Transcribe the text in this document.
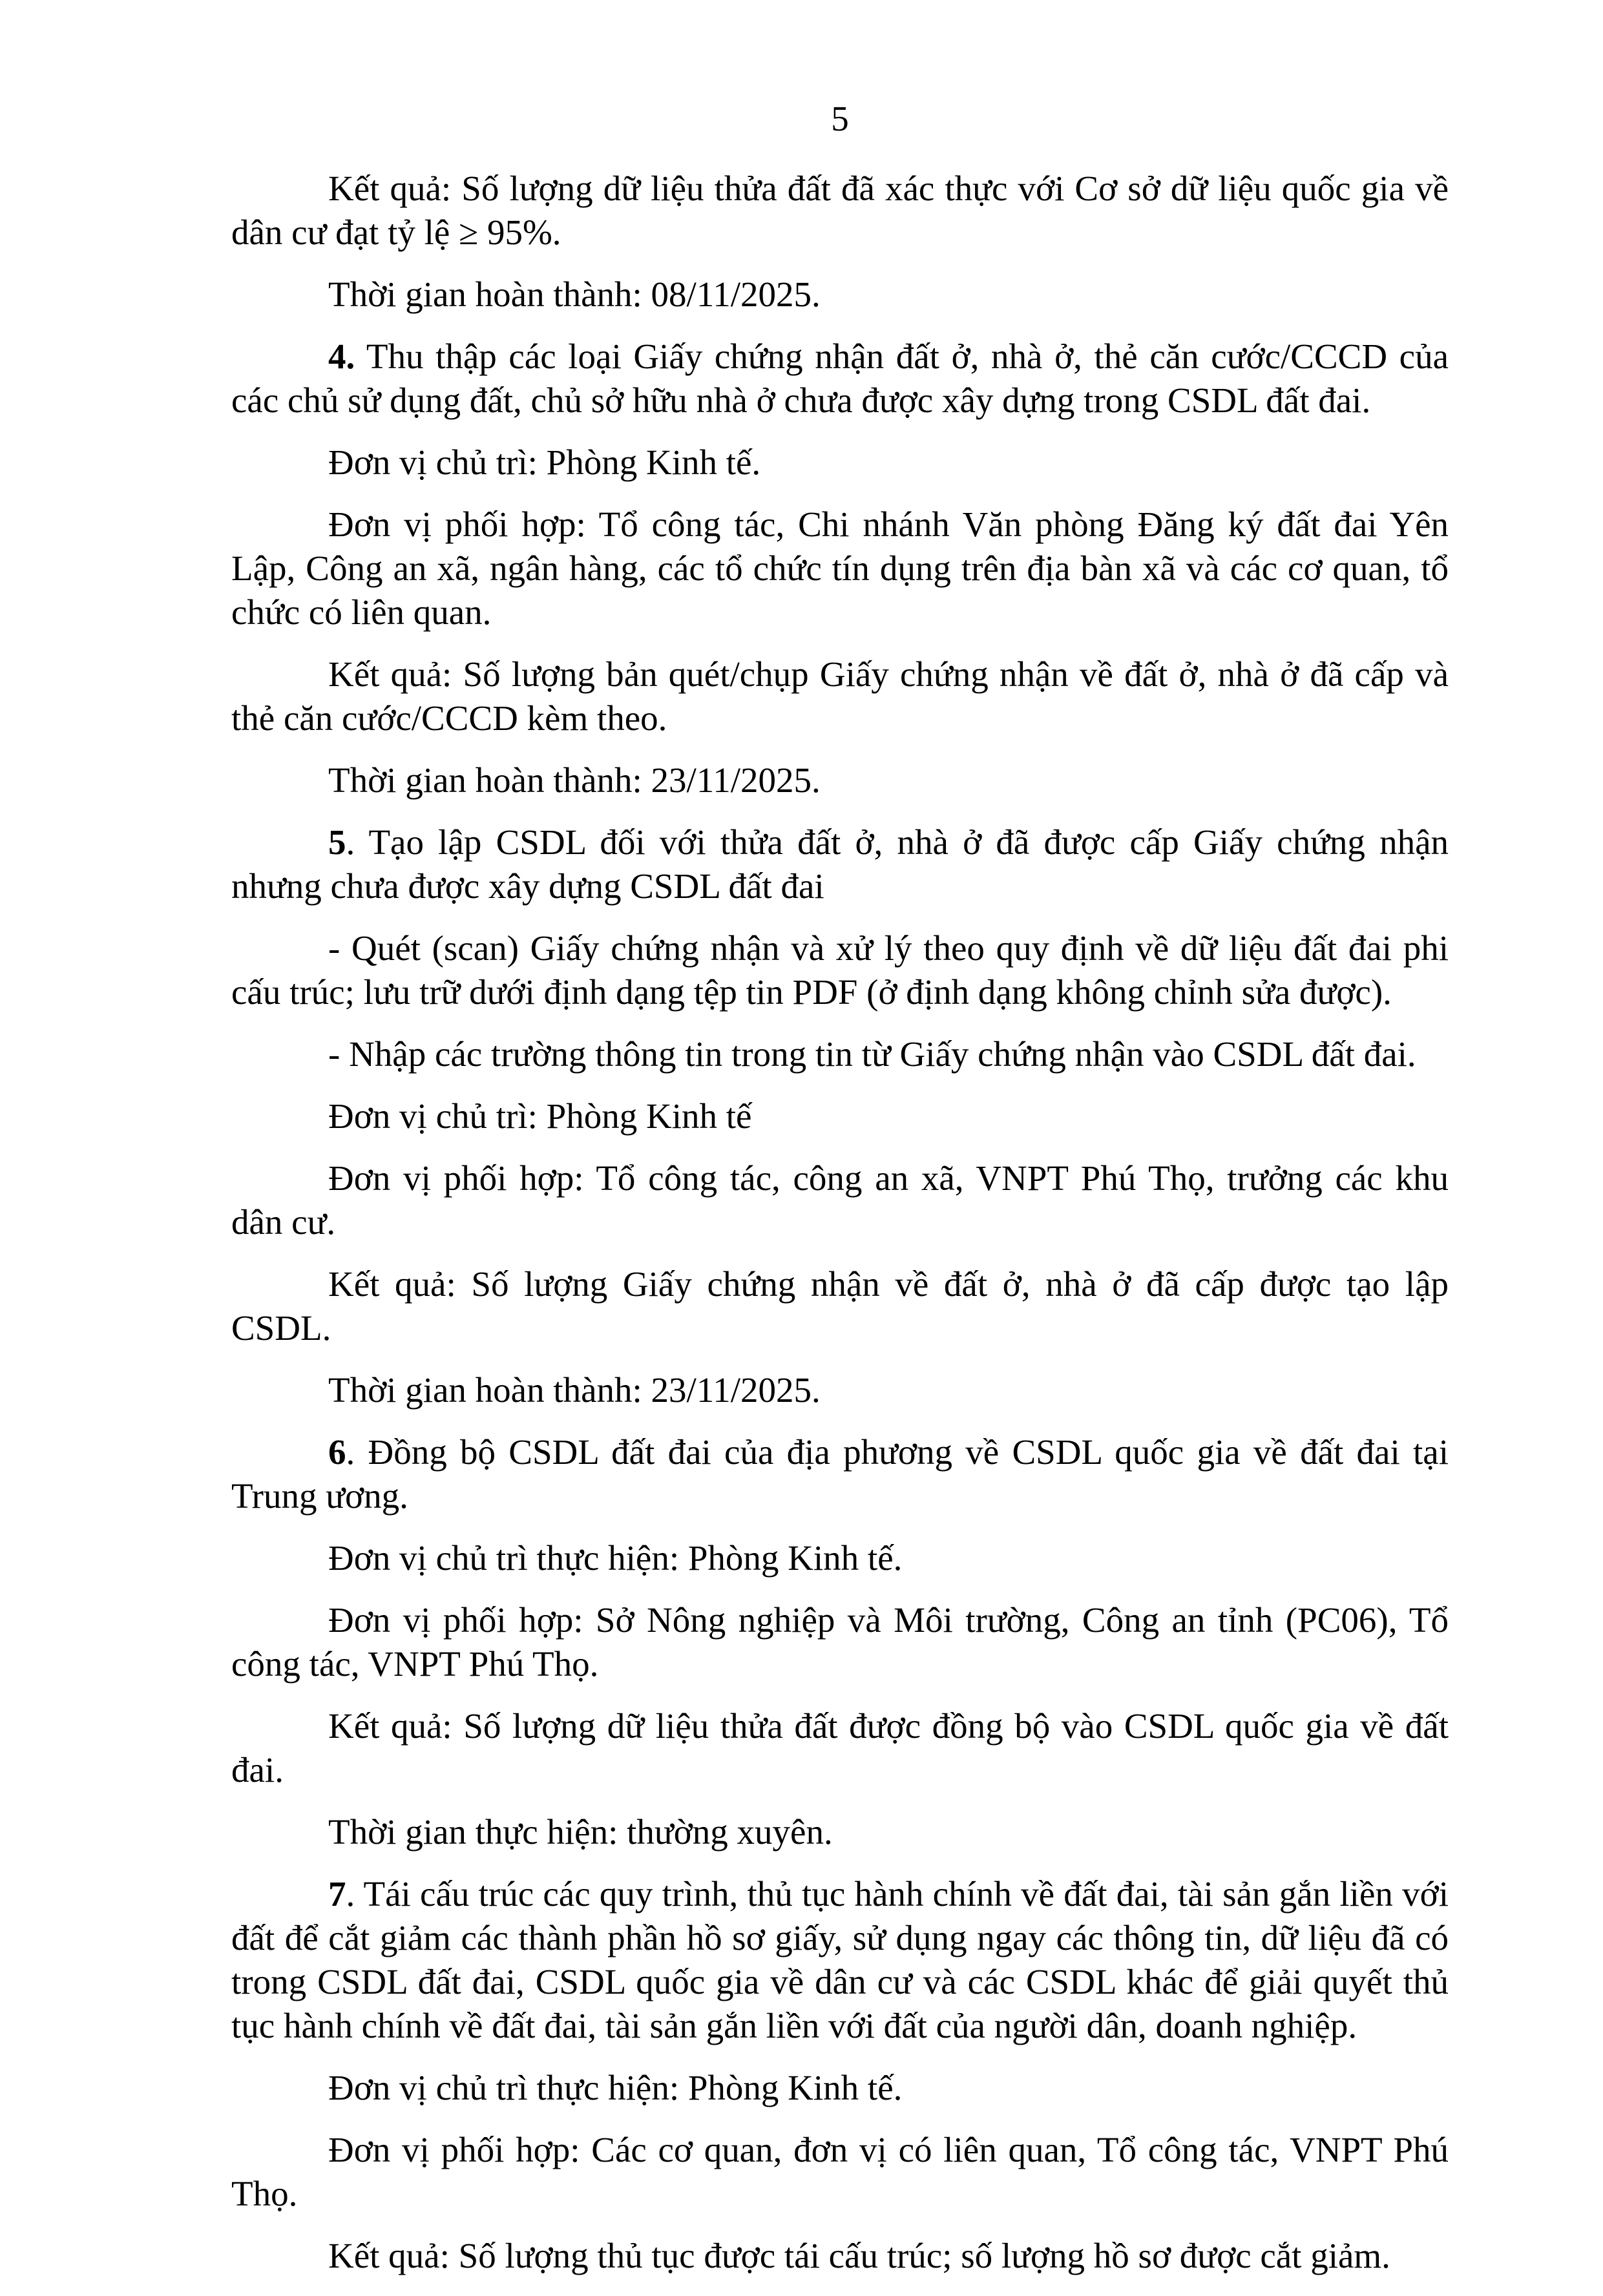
5

Kết quả: Số lượng dữ liệu thửa đất đã xác thực với Cơ sở dữ liệu quốc gia về dân cư đạt tỷ lệ ≥ 95%.

Thời gian hoàn thành: 08/11/2025.

4. Thu thập các loại Giấy chứng nhận đất ở, nhà ở, thẻ căn cước/CCCD của các chủ sử dụng đất, chủ sở hữu nhà ở chưa được xây dựng trong CSDL đất đai.

Đơn vị chủ trì: Phòng Kinh tế.

Đơn vị phối hợp: Tổ công tác, Chi nhánh Văn phòng Đăng ký đất đai Yên Lập, Công an xã, ngân hàng, các tổ chức tín dụng trên địa bàn xã và các cơ quan, tổ chức có liên quan.

Kết quả: Số lượng bản quét/chụp Giấy chứng nhận về đất ở, nhà ở đã cấp và thẻ căn cước/CCCD kèm theo.

Thời gian hoàn thành: 23/11/2025.

5. Tạo lập CSDL đối với thửa đất ở, nhà ở đã được cấp Giấy chứng nhận nhưng chưa được xây dựng CSDL đất đai

- Quét (scan) Giấy chứng nhận và xử lý theo quy định về dữ liệu đất đai phi cấu trúc; lưu trữ dưới định dạng tệp tin PDF (ở định dạng không chỉnh sửa được).

- Nhập các trường thông tin trong tin từ Giấy chứng nhận vào CSDL đất đai.

Đơn vị chủ trì: Phòng Kinh tế

Đơn vị phối hợp: Tổ công tác, công an xã, VNPT Phú Thọ, trưởng các khu dân cư.

Kết quả: Số lượng Giấy chứng nhận về đất ở, nhà ở đã cấp được tạo lập CSDL.

Thời gian hoàn thành: 23/11/2025.

6. Đồng bộ CSDL đất đai của địa phương về CSDL quốc gia về đất đai tại Trung ương.

Đơn vị chủ trì thực hiện: Phòng Kinh tế.

Đơn vị phối hợp: Sở Nông nghiệp và Môi trường, Công an tỉnh (PC06), Tổ công tác, VNPT Phú Thọ.

Kết quả: Số lượng dữ liệu thửa đất được đồng bộ vào CSDL quốc gia về đất đai.

Thời gian thực hiện: thường xuyên.

7. Tái cấu trúc các quy trình, thủ tục hành chính về đất đai, tài sản gắn liền với đất để cắt giảm các thành phần hồ sơ giấy, sử dụng ngay các thông tin, dữ liệu đã có trong CSDL đất đai, CSDL quốc gia về dân cư và các CSDL khác để giải quyết thủ tục hành chính về đất đai, tài sản gắn liền với đất của người dân, doanh nghiệp.

Đơn vị chủ trì thực hiện: Phòng Kinh tế.

Đơn vị phối hợp: Các cơ quan, đơn vị có liên quan, Tổ công tác, VNPT Phú Thọ.

Kết quả: Số lượng thủ tục được tái cấu trúc; số lượng hồ sơ được cắt giảm.
